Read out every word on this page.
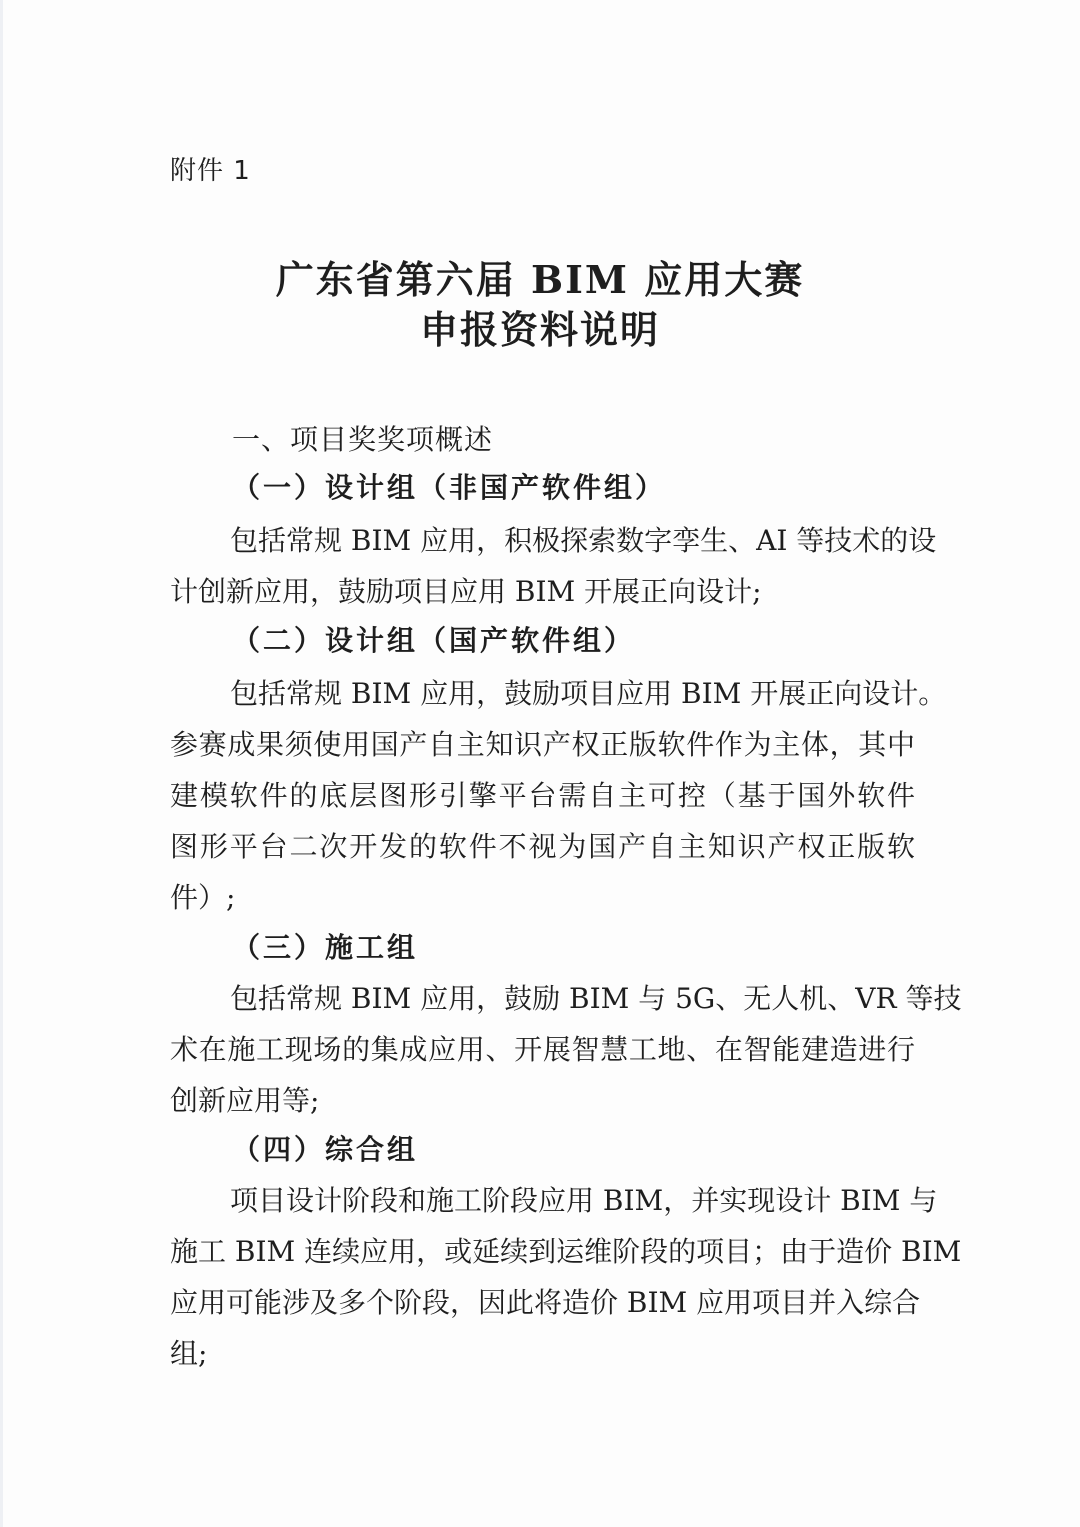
附件 1
广东省第六届 BIM 应用大赛
申报资料说明
一、项目奖奖项概述
（一）设计组（非国产软件组）
包括常规 BIM 应用，积极探索数字孪生、AI 等技术的设
计创新应用，鼓励项目应用 BIM 开展正向设计;
（二）设计组（国产软件组）
包括常规 BIM 应用，鼓励项目应用 BIM 开展正向设计。
参赛成果须使用国产自主知识产权正版软件作为主体，其中
建模软件的底层图形引擎平台需自主可控（基于国外软件
图形平台二次开发的软件不视为国产自主知识产权正版软
件）;
（三）施工组
包括常规 BIM 应用，鼓励 BIM 与 5G、无人机、VR 等技
术在施工现场的集成应用、开展智慧工地、在智能建造进行
创新应用等;
（四）综合组
项目设计阶段和施工阶段应用 BIM，并实现设计 BIM 与
施工 BIM 连续应用，或延续到运维阶段的项目；由于造价 BIM
应用可能涉及多个阶段，因此将造价 BIM 应用项目并入综合
组;
